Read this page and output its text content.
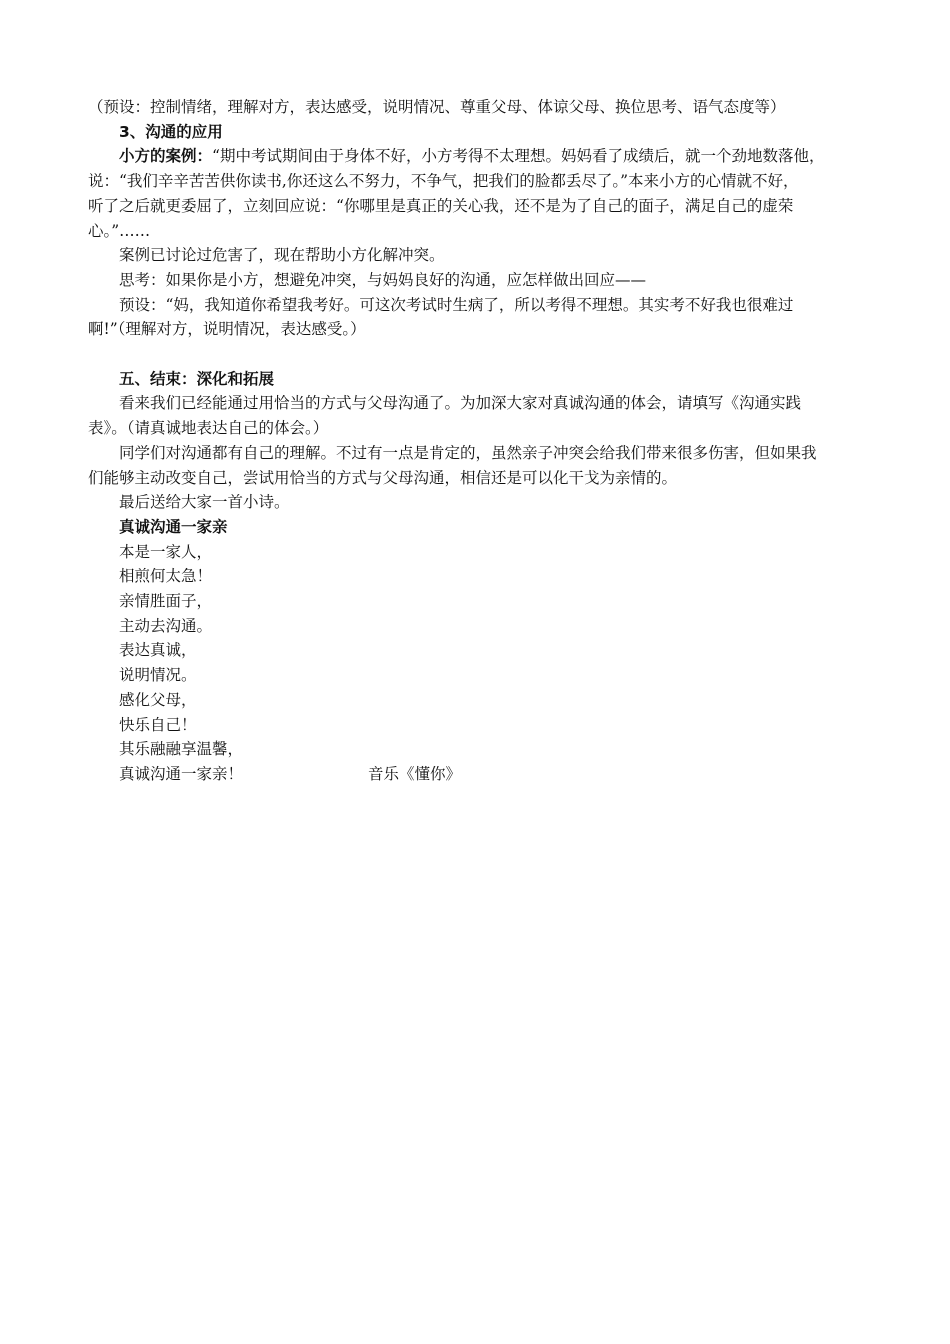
（预设：控制情绪，理解对方，表达感受，说明情况、尊重父母、体谅父母、换位思考、语气态度等）
3、沟通的应用
小方的案例：“期中考试期间由于身体不好，小方考得不太理想。妈妈看了成绩后，就一个劲地数落他，
说：“我们辛辛苦苦供你读书,你还这么不努力，不争气，把我们的脸都丢尽了。”本来小方的心情就不好，
听了之后就更委屈了，立刻回应说：“你哪里是真正的关心我，还不是为了自己的面子，满足自己的虚荣
心。”……
案例已讨论过危害了，现在帮助小方化解冲突。
思考：如果你是小方，想避免冲突，与妈妈良好的沟通，应怎样做出回应——
预设：“妈，我知道你希望我考好。可这次考试时生病了，所以考得不理想。其实考不好我也很难过
啊!”（理解对方，说明情况，表达感受。）
五、结束：深化和拓展
看来我们已经能通过用恰当的方式与父母沟通了。为加深大家对真诚沟通的体会，请填写《沟通实践
表》。（请真诚地表达自己的体会。）
同学们对沟通都有自己的理解。不过有一点是肯定的，虽然亲子冲突会给我们带来很多伤害，但如果我
们能够主动改变自己，尝试用恰当的方式与父母沟通，相信还是可以化干戈为亲情的。
最后送给大家一首小诗。
真诚沟通一家亲
本是一家人，
相煎何太急！
亲情胜面子，
主动去沟通。
表达真诚，
说明情况。
感化父母，
快乐自己！
其乐融融享温馨，
真诚沟通一家亲！	音乐《懂你》
